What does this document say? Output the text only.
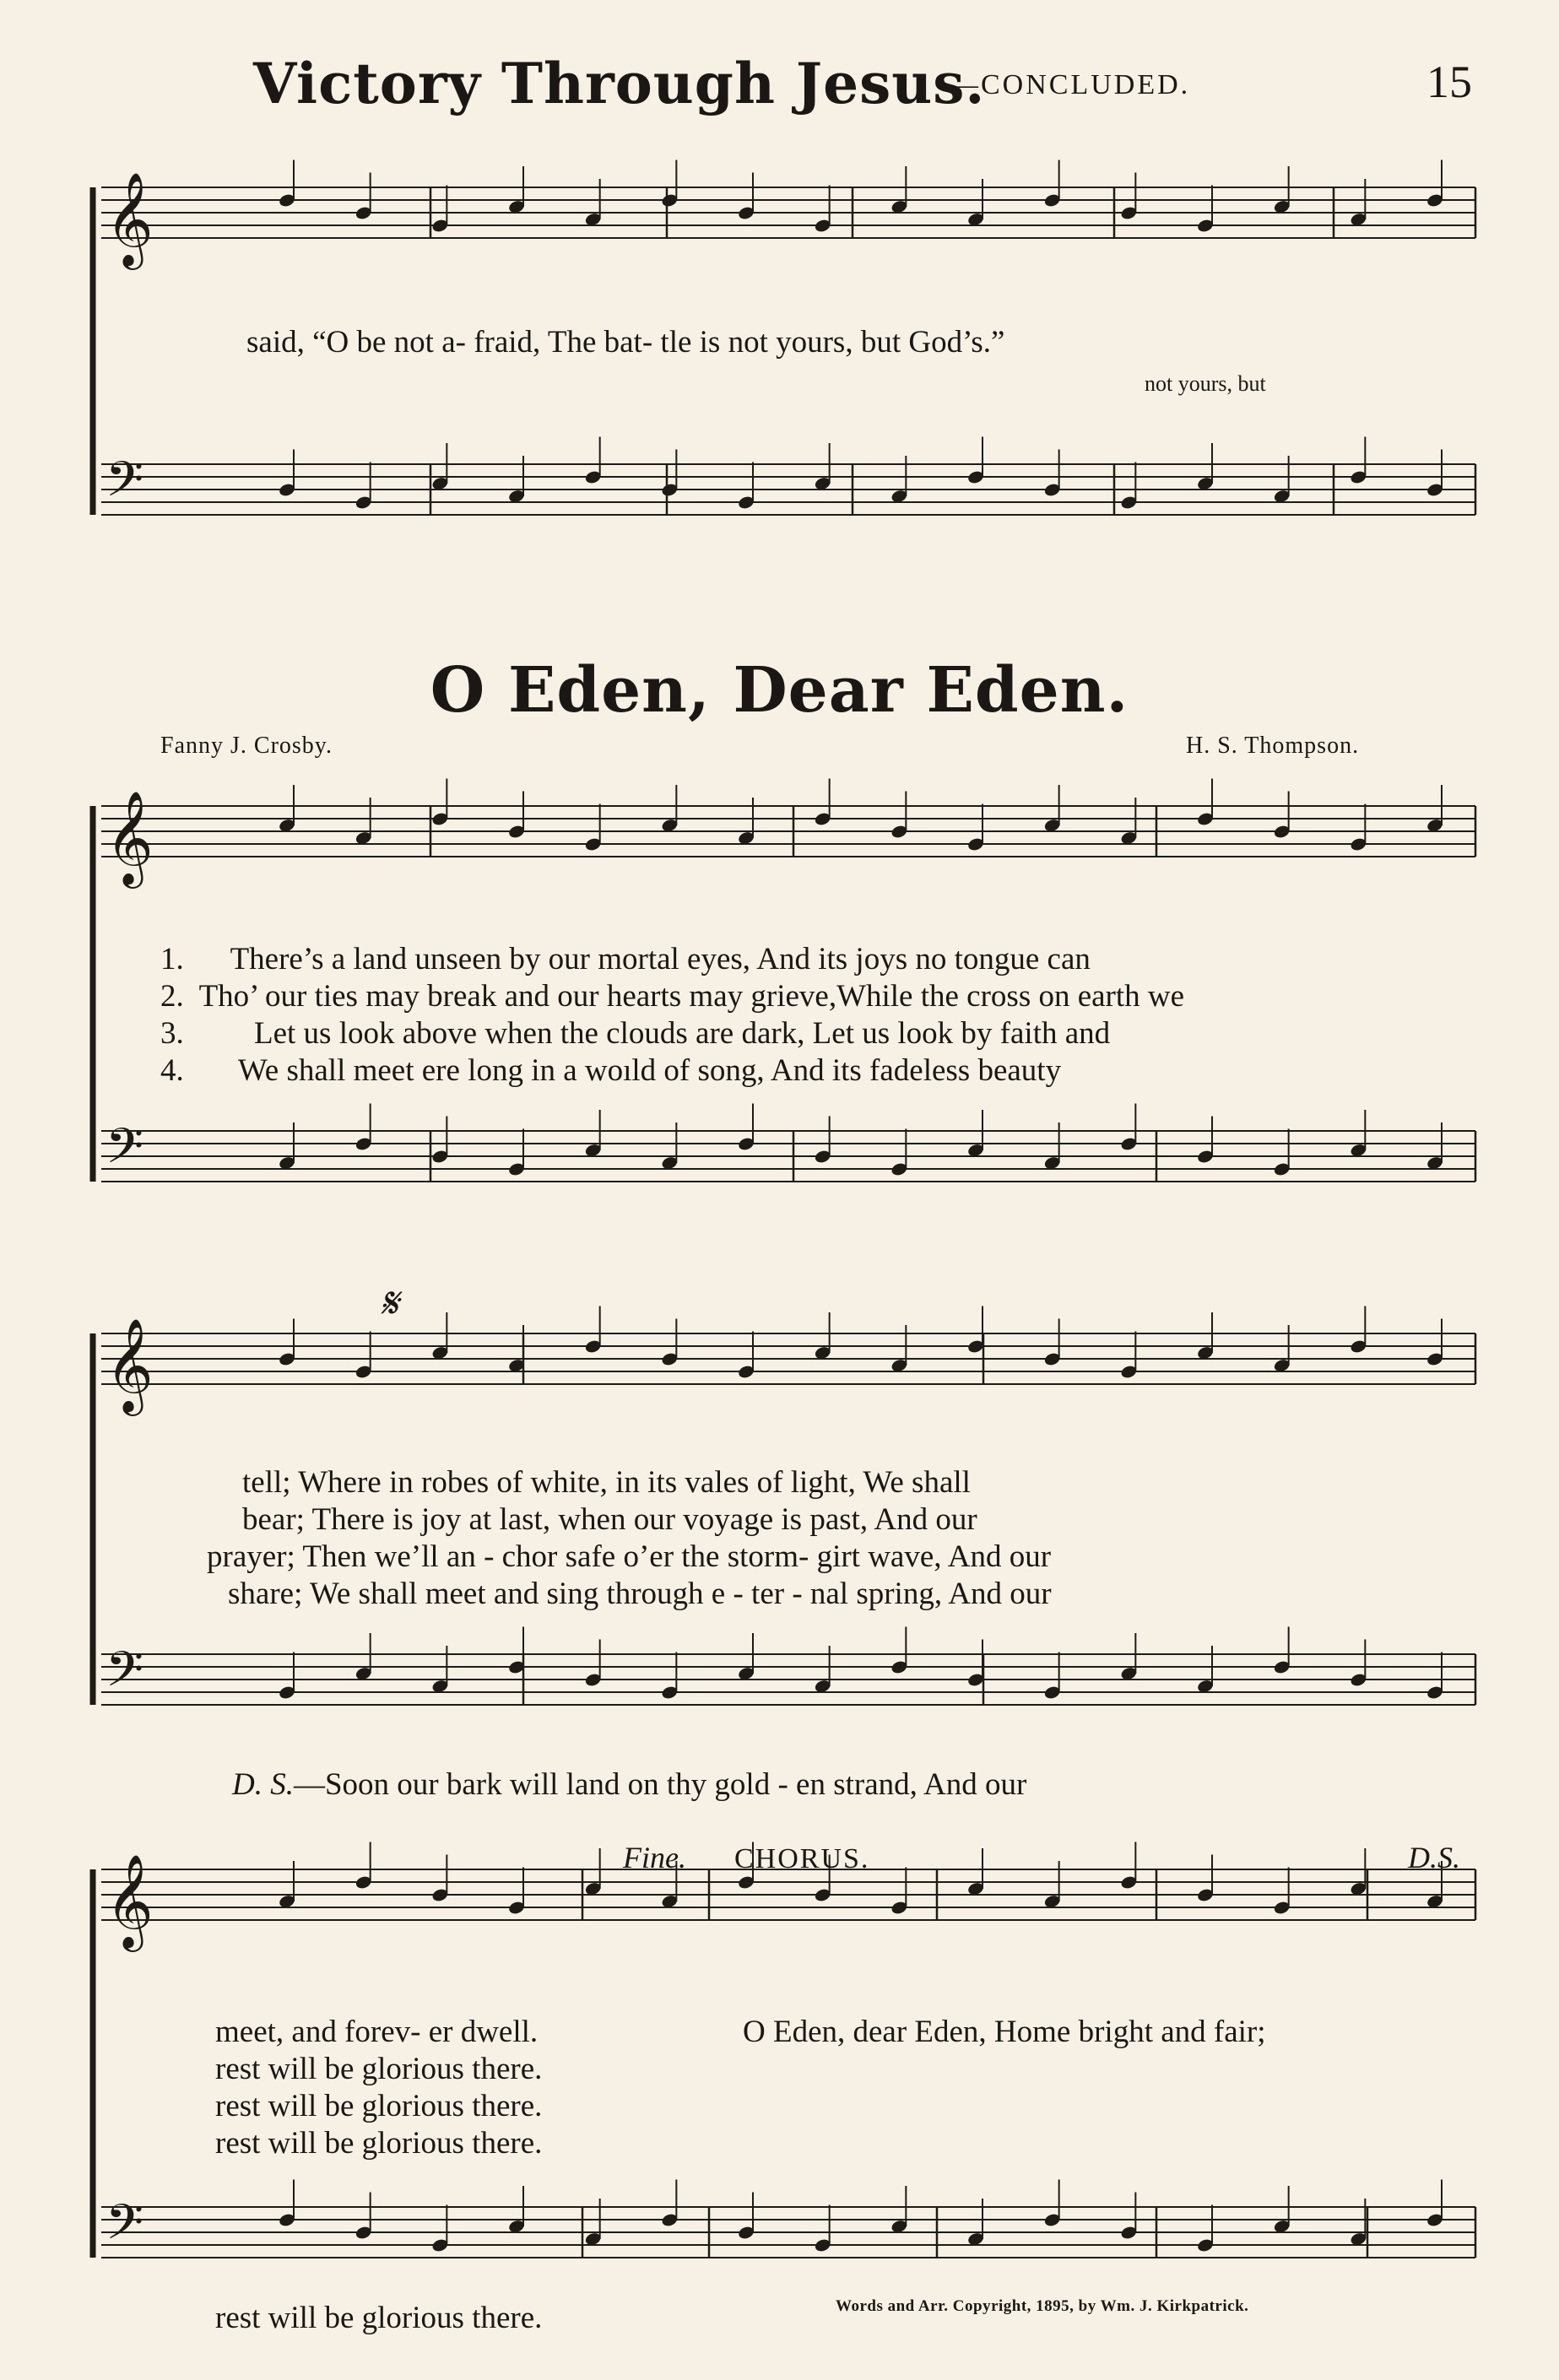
Victory Through Jesus.
—CONCLUDED.	15
𝄞
𝄢
𝄞
𝄢
𝄞
𝄢
𝄞
𝄢
said, “O be not a- fraid, The bat- tle is not yours, but God’s.”
not yours, but
O Eden, Dear Eden.
Fanny J. Crosby.	H. S. Thompson.
1.      There’s a land unseen by our mortal eyes, And its joys no tongue can
2.  Tho’ our ties may break and our hearts may grieve,While the cross on earth we
3.         Let us look above when the clouds are dark, Let us look by faith and
4.       We shall meet ere long in a woıld of song, And its fadeless beauty
𝄋
tell; Where in robes of white, in its vales of light, We shall
bear; There is joy at last, when our voyage is past, And our
prayer; Then we’ll an - chor safe o’er the storm- girt wave, And our
share; We shall meet and sing through e - ter - nal spring, And our
D. S.—Soon our bark will land on thy gold - en strand, And our
Fine. CHORUS.	D.S.
meet, and forev- er dwell.
rest will be glorious there.
rest will be glorious there.
rest will be glorious there.
O Eden, dear Eden, Home bright and fair;
rest will be glorious there.	Words and Arr. Copyright, 1895, by Wm. J. Kirkpatrick.
